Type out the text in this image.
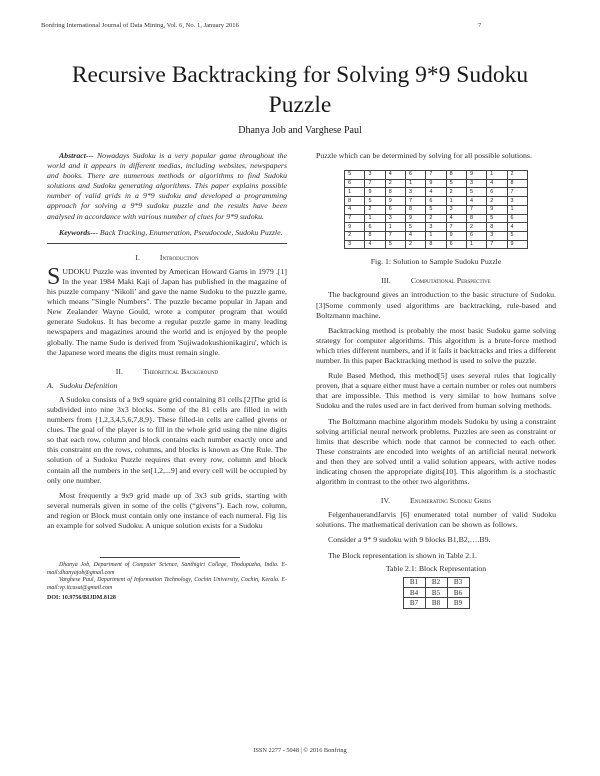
Bonfring International Journal of Data Mining, Vol. 6, No. 1, January 2016	7
Recursive Backtracking for Solving 9*9 Sudoku Puzzle
Dhanya Job and Varghese Paul

Abstract--- Nowadays Sudoku is a very popular game throughout the world and it appears in different medias, including websites, newspapers and books. There are numerous methods or algorithms to find Sudoku solutions and Sudoku generating algorithms. This paper explains possible number of valid grids in a 9*9 sudoku and developed a programming approach for solving a 9*9 sudoku puzzle and the results have been analysed in accordance with various number of clues for 9*9 sudoku.

Keywords--- Back Tracking, Enumeration, Pseudocode, Sudoku Puzzle.

I.	Introduction

SUDOKU Puzzle was invented by American Howard Garns in 1979 .[1] In the year 1984 Maki Kaji of Japan has published in the magazine of his puzzle company ‘Nikoli’ and gave the name Sudoku to the puzzle game, which means "Single Numbers". The puzzle became popular in Japan and New Zealander Wayne Gould, wrote a computer program that would generate Sudokus. It has become a regular puzzle game in many leading newspapers and magazines around the world and is enjoyed by the people globally. The name Sudo is derived from 'Sujiwadokushionikagiru', which is the Japanese word means the digits must remain single.

II.	Theoretical Background
A. Sudoku Defenition

A Sudoku consists of a 9x9 square grid containing 81 cells.[2]The grid is subdivided into nine 3x3 blocks. Some of the 81 cells are filled in with numbers from {1,2,3,4,5,6,7,8,9}. These filled-in cells are called givens or clues. The goal of the player is to fill in the whole grid using the nine digits so that each row, column and block contains each number exactly once and this constraint on the rows, columns, and blocks is known as One Rule. The solution of a Sudoku Puzzle requires that every row, column and block contain all the numbers in the set[1,2,...9] and every cell will be occupied by only one number.

Most frequently a 9x9 grid made up of 3x3 sub grids, starting with several numerals given in some of the cells (“givens”). Each row, column, and region or Block must contain only one instance of each numeral. Fig 1is an example for solved Sudoku. A unique solution exists for a Sudoku

Dhanya Job, Department of Computer Science, Santhigiri College, Thodupuzha, India. E-mail:dhanyajob@gmail.com

Varghese Paul, Department of Information Technology, Cochin University, Cochin, Kerala. E-mail:vp.itcusat@gmail.com

DOI: 10.9756/BIJDM.8128

Puzzle which can be determined by solving for all possible solutions.

5	3	4	6	7	8	9	1	2
6	7	2	1	9	5	3	4	8
1	9	8	3	4	2	5	6	7
8	5	9	7	6	1	4	2	3
4	2	6	8	5	3	7	9	1
7	1	3	9	2	4	8	5	6
9	6	1	5	3	7	2	8	4
2	8	7	4	1	9	6	3	5
3	4	5	2	8	6	1	7	9
Fig. 1: Solution to Sample Sudoku Puzzle
III.	Computational Perspective

The background gives an introduction to the basic structure of Sudoku.[3]Some commonly used algorithms are backtracking, rule-based and Boltzmann machine.

Backtracking method is probably the most basic Sudoku game solving strategy for computer algorithms. This algorithm is a brute-force method which tries different numbers, and if it fails it backtracks and tries a different number. In this paper Backtracking method is used to solve the puzzle.

Rule Based Method, this method[5] uses several rules that logically proven, that a square either must have a certain number or roles out numbers that are impossible. This method is very similar to how humans solve Sudoku and the rules used are in fact derived from human solving methods.

The Boltzmann machine algorithm models Sudoku by using a constraint solving artificial neural network problems. Puzzles are seen as constraint or limits that describe which node that cannot be connected to each other. These constraints are encoded into weights of an artificial neural network and then they are solved until a valid solution appears, with active nodes indicating chosen the appropriate digits[10]. This algorithm is a stochastic algorithm in contrast to the other two algorithms.

IV.	Enumerating Sudoku Grids

FelgenhauerandJarvis [6] enumerated total number of valid Sudoku solutions. The mathematical derivation can be shown as follows.

Consider a 9* 9 sudoku with 9 blocks B1,B2,….B9.

The Block representation is shown in Table 2.1.

Table 2.1: Block Representation
B1	B2	B3
B4	B5	B6
B7	B8	B9
ISSN 2277 - 5048 | © 2016 Bonfring
